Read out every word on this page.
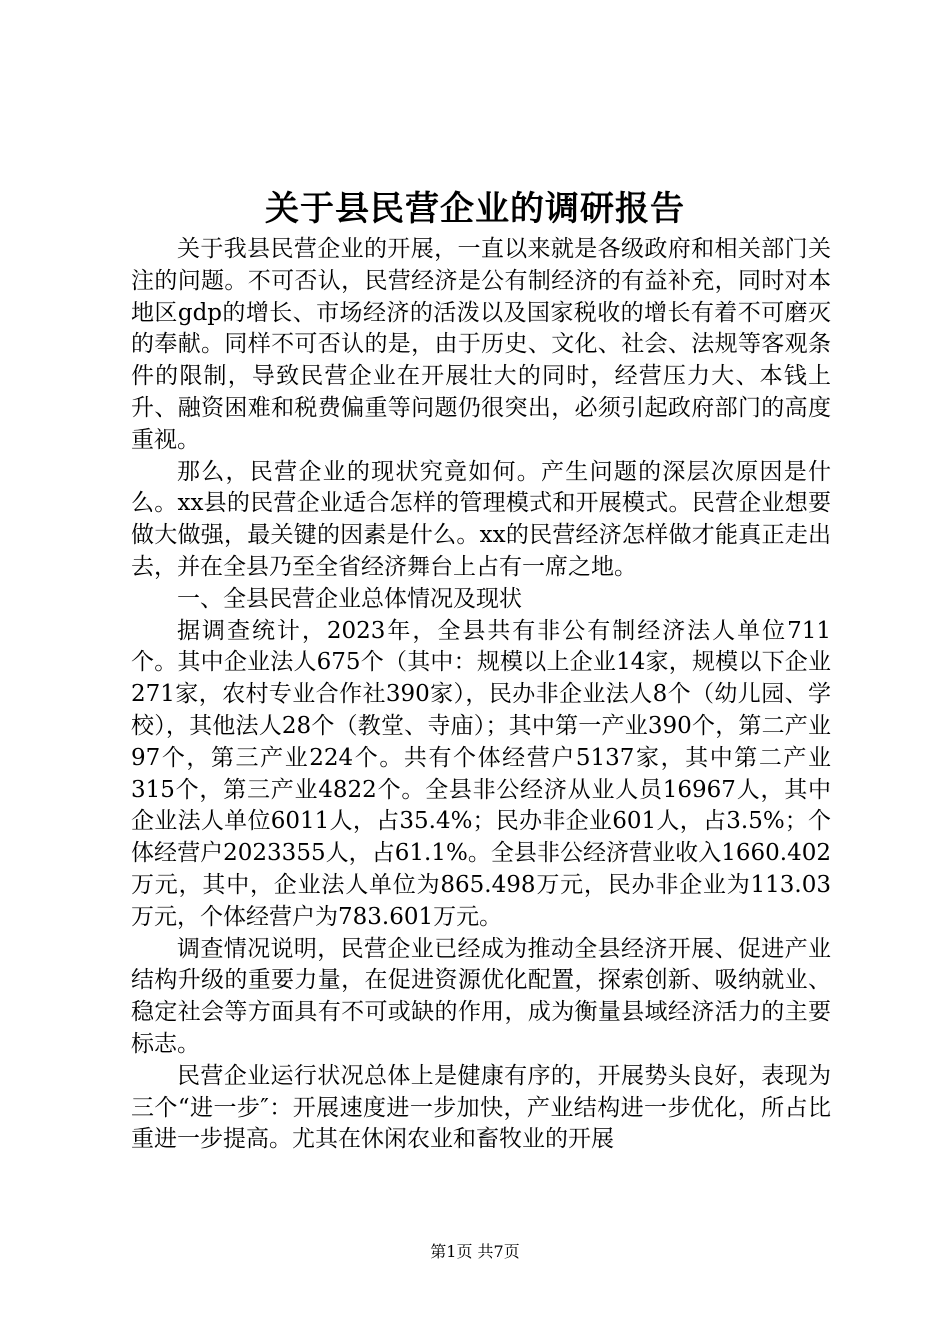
关于县民营企业的调研报告

关于我县民营企业的开展，一直以来就是各级政府和相关部门关注的问题。不可否认，民营经济是公有制经济的有益补充，同时对本地区gdp的增长、市场经济的活泼以及国家税收的增长有着不可磨灭的奉献。同样不可否认的是，由于历史、文化、社会、法规等客观条件的限制，导致民营企业在开展壮大的同时，经营压力大、本钱上升、融资困难和税费偏重等问题仍很突出，必须引起政府部门的高度重视。

那么，民营企业的现状究竟如何。产生问题的深层次原因是什么。xx县的民营企业适合怎样的管理模式和开展模式。民营企业想要做大做强，最关键的因素是什么。xx的民营经济怎样做才能真正走出去，并在全县乃至全省经济舞台上占有一席之地。

一、全县民营企业总体情况及现状

据调查统计，2023年，全县共有非公有制经济法人单位711个。其中企业法人675个（其中：规模以上企业14家，规模以下企业271家，农村专业合作社390家），民办非企业法人8个（幼儿园、学校），其他法人28个（教堂、寺庙）；其中第一产业390个，第二产业97个，第三产业224个。共有个体经营户5137家，其中第二产业315个，第三产业4822个。全县非公经济从业人员16967人，其中企业法人单位6011人，占35.4%；民办非企业601人，占3.5%；个体经营户2023355人，占61.1%。全县非公经济营业收入1660.402万元，其中，企业法人单位为865.498万元，民办非企业为113.03万元，个体经营户为783.601万元。

调查情况说明，民营企业已经成为推动全县经济开展、促进产业结构升级的重要力量，在促进资源优化配置，探索创新、吸纳就业、稳定社会等方面具有不可或缺的作用，成为衡量县域经济活力的主要标志。

民营企业运行状况总体上是健康有序的，开展势头良好，表现为三个“进一步″：开展速度进一步加快，产业结构进一步优化，所占比重进一步提高。尤其在休闲农业和畜牧业的开展

第1页 共7页
